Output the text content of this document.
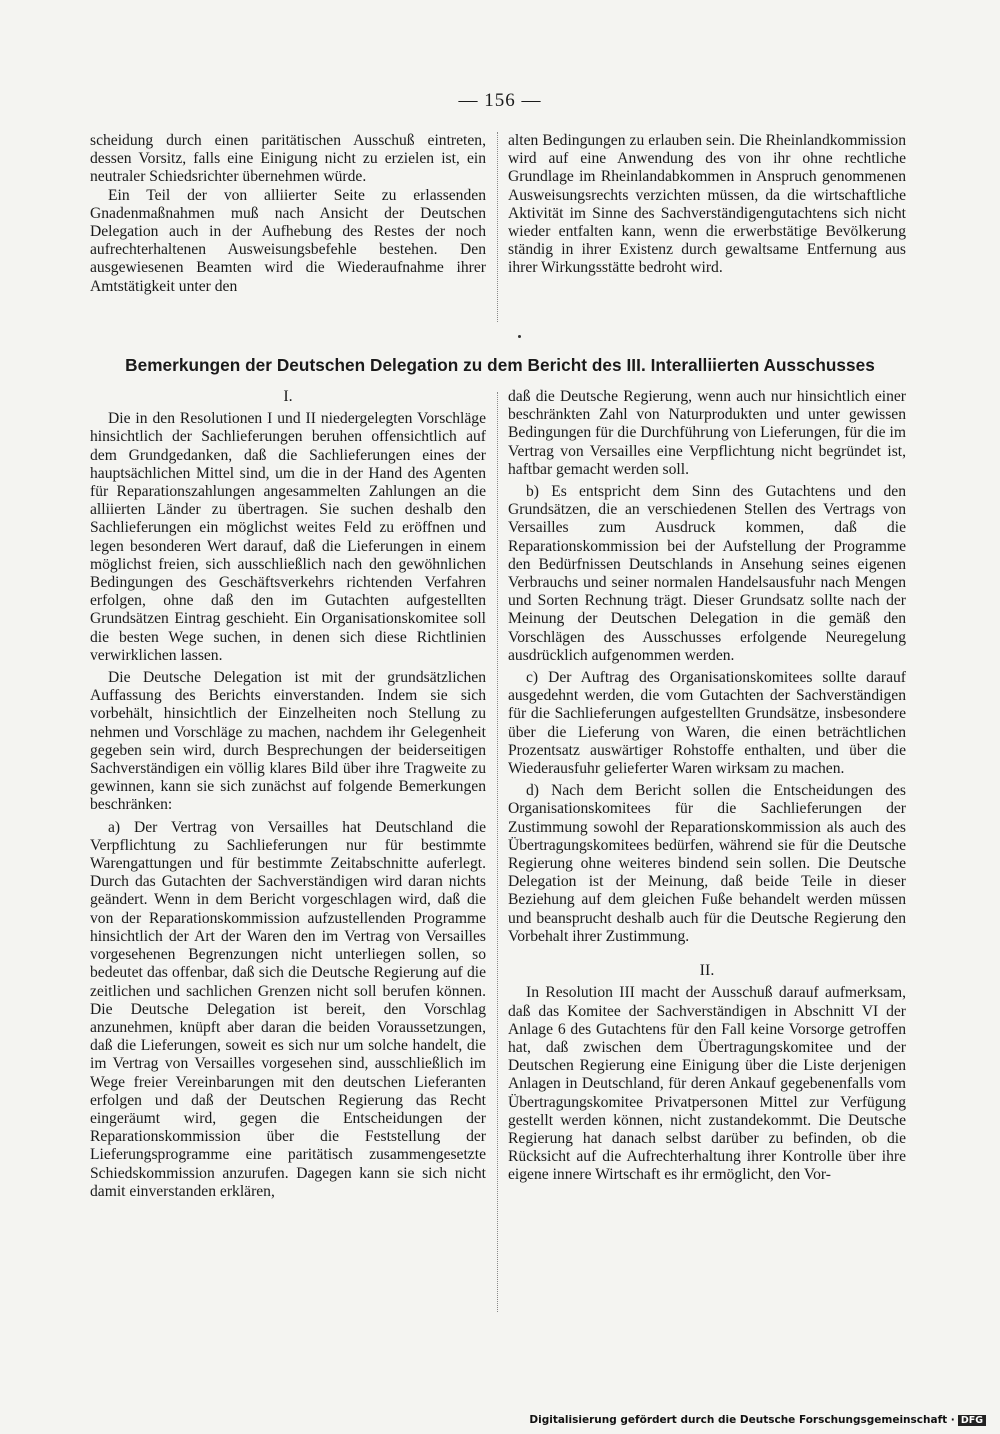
— 156 —

scheidung durch einen paritätischen Ausschuß eintreten, dessen Vorsitz, falls eine Einigung nicht zu erzielen ist, ein neutraler Schiedsrichter übernehmen würde.

Ein Teil der von alliierter Seite zu erlassenden Gnadenmaßnahmen muß nach Ansicht der Deutschen Delegation auch in der Aufhebung des Restes der noch aufrechterhaltenen Ausweisungsbefehle bestehen. Den ausgewiesenen Beamten wird die Wiederaufnahme ihrer Amtstätigkeit unter den

alten Bedingungen zu erlauben sein. Die Rheinlandkommission wird auf eine Anwendung des von ihr ohne rechtliche Grundlage im Rheinlandabkommen in Anspruch genommenen Ausweisungsrechts verzichten müssen, da die wirtschaftliche Aktivität im Sinne des Sachverständigengutachtens sich nicht wieder entfalten kann, wenn die erwerbstätige Bevölkerung ständig in ihrer Existenz durch gewaltsame Entfernung aus ihrer Wirkungsstätte bedroht wird.

Bemerkungen der Deutschen Delegation zu dem Bericht des III. Interalliierten Ausschusses

I.

Die in den Resolutionen I und II niedergelegten Vorschläge hinsichtlich der Sachlieferungen beruhen offensichtlich auf dem Grundgedanken, daß die Sachlieferungen eines der hauptsächlichen Mittel sind, um die in der Hand des Agenten für Reparationszahlungen angesammelten Zahlungen an die alliierten Länder zu übertragen. Sie suchen deshalb den Sachlieferungen ein möglichst weites Feld zu eröffnen und legen besonderen Wert darauf, daß die Lieferungen in einem möglichst freien, sich ausschließlich nach den gewöhnlichen Bedingungen des Geschäftsverkehrs richtenden Verfahren erfolgen, ohne daß den im Gutachten aufgestellten Grundsätzen Eintrag geschieht. Ein Organisationskomitee soll die besten Wege suchen, in denen sich diese Richtlinien verwirklichen lassen.

Die Deutsche Delegation ist mit der grundsätzlichen Auffassung des Berichts einverstanden. Indem sie sich vorbehält, hinsichtlich der Einzelheiten noch Stellung zu nehmen und Vorschläge zu machen, nachdem ihr Gelegenheit gegeben sein wird, durch Besprechungen der beiderseitigen Sachverständigen ein völlig klares Bild über ihre Tragweite zu gewinnen, kann sie sich zunächst auf folgende Bemerkungen beschränken:

a) Der Vertrag von Versailles hat Deutschland die Verpflichtung zu Sachlieferungen nur für bestimmte Warengattungen und für bestimmte Zeitabschnitte auferlegt. Durch das Gutachten der Sachverständigen wird daran nichts geändert. Wenn in dem Bericht vorgeschlagen wird, daß die von der Reparationskommission aufzustellenden Programme hinsichtlich der Art der Waren den im Vertrag von Versailles vorgesehenen Begrenzungen nicht unterliegen sollen, so bedeutet das offenbar, daß sich die Deutsche Regierung auf die zeitlichen und sachlichen Grenzen nicht soll berufen können. Die Deutsche Delegation ist bereit, den Vorschlag anzunehmen, knüpft aber daran die beiden Voraussetzungen, daß die Lieferungen, soweit es sich nur um solche handelt, die im Vertrag von Versailles vorgesehen sind, ausschließlich im Wege freier Vereinbarungen mit den deutschen Lieferanten erfolgen und daß der Deutschen Regierung das Recht eingeräumt wird, gegen die Entscheidungen der Reparationskommission über die Feststellung der Lieferungsprogramme eine paritätisch zusammengesetzte Schiedskommission anzurufen. Dagegen kann sie sich nicht damit einverstanden erklären,

daß die Deutsche Regierung, wenn auch nur hinsichtlich einer beschränkten Zahl von Naturprodukten und unter gewissen Bedingungen für die Durchführung von Lieferungen, für die im Vertrag von Versailles eine Verpflichtung nicht begründet ist, haftbar gemacht werden soll.

b) Es entspricht dem Sinn des Gutachtens und den Grundsätzen, die an verschiedenen Stellen des Vertrags von Versailles zum Ausdruck kommen, daß die Reparationskommission bei der Aufstellung der Programme den Bedürfnissen Deutschlands in Ansehung seines eigenen Verbrauchs und seiner normalen Handelsausfuhr nach Mengen und Sorten Rechnung trägt. Dieser Grundsatz sollte nach der Meinung der Deutschen Delegation in die gemäß den Vorschlägen des Ausschusses erfolgende Neuregelung ausdrücklich aufgenommen werden.

c) Der Auftrag des Organisationskomitees sollte darauf ausgedehnt werden, die vom Gutachten der Sachverständigen für die Sachlieferungen aufgestellten Grundsätze, insbesondere über die Lieferung von Waren, die einen beträchtlichen Prozentsatz auswärtiger Rohstoffe enthalten, und über die Wiederausfuhr gelieferter Waren wirksam zu machen.

d) Nach dem Bericht sollen die Entscheidungen des Organisationskomitees für die Sachlieferungen der Zustimmung sowohl der Reparationskommission als auch des Übertragungskomitees bedürfen, während sie für die Deutsche Regierung ohne weiteres bindend sein sollen. Die Deutsche Delegation ist der Meinung, daß beide Teile in dieser Beziehung auf dem gleichen Fuße behandelt werden müssen und beansprucht deshalb auch für die Deutsche Regierung den Vorbehalt ihrer Zustimmung.

II.

In Resolution III macht der Ausschuß darauf aufmerksam, daß das Komitee der Sachverständigen in Abschnitt VI der Anlage 6 des Gutachtens für den Fall keine Vorsorge getroffen hat, daß zwischen dem Übertragungskomitee und der Deutschen Regierung eine Einigung über die Liste derjenigen Anlagen in Deutschland, für deren Ankauf gegebenenfalls vom Übertragungskomitee Privatpersonen Mittel zur Verfügung gestellt werden können, nicht zustandekommt. Die Deutsche Regierung hat danach selbst darüber zu befinden, ob die Rücksicht auf die Aufrechterhaltung ihrer Kontrolle über ihre eigene innere Wirtschaft es ihr ermöglicht, den Vor-

Digitalisierung gefördert durch die Deutsche Forschungsgemeinschaft · DFG
